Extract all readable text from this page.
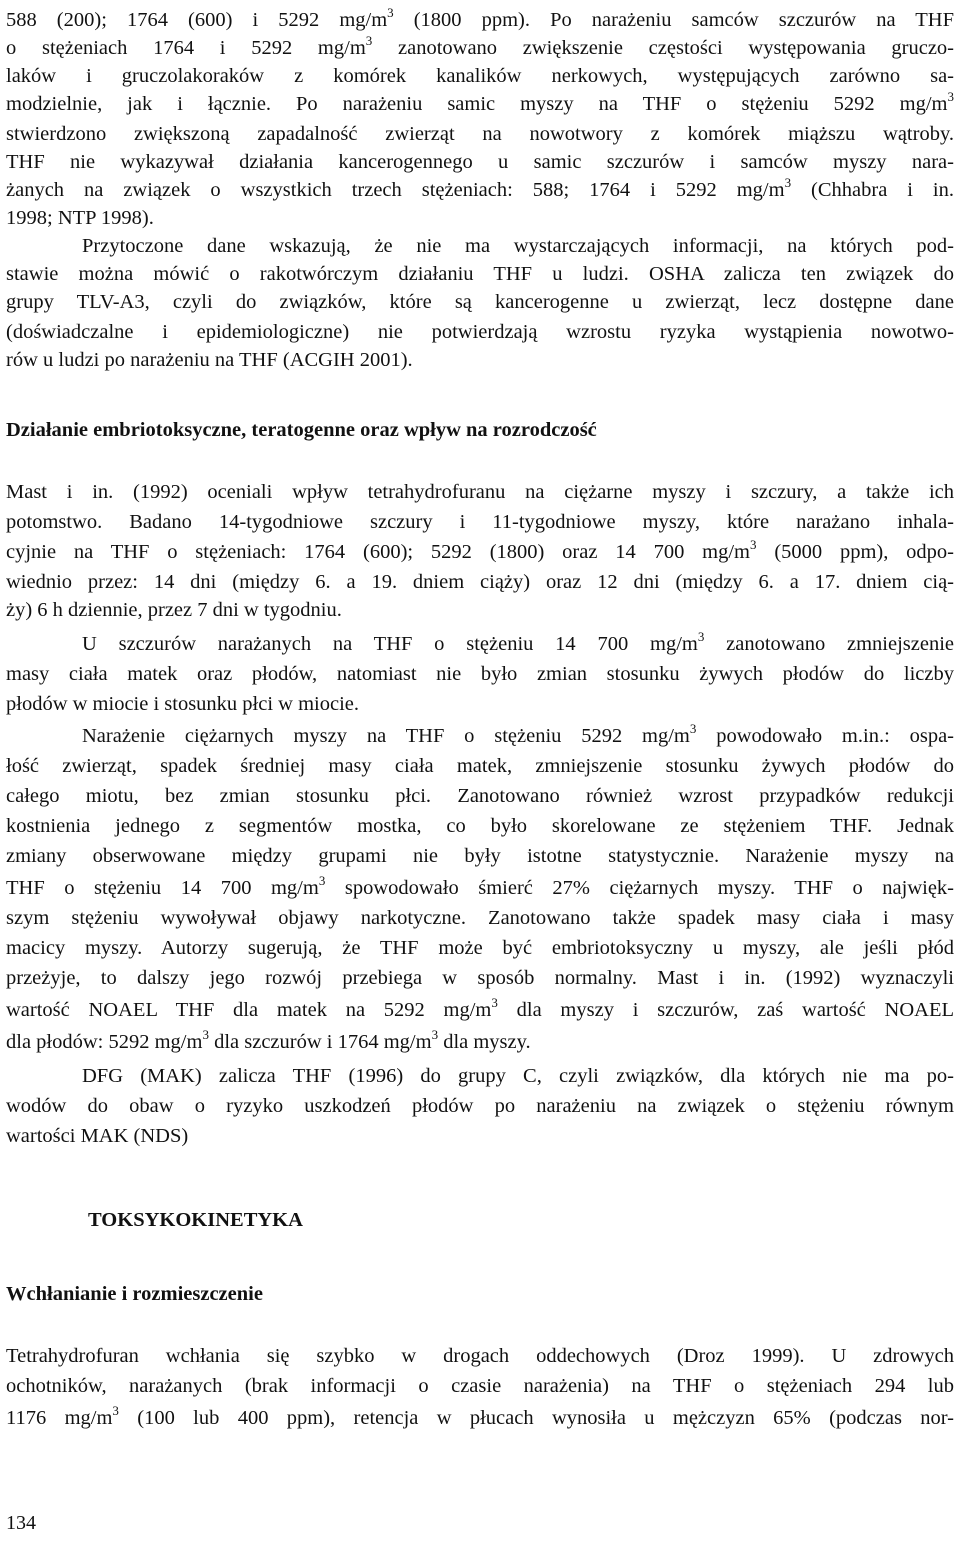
588 (200); 1764 (600) i 5292 $mg/m^3$ (1800 ppm). Po narażeniu samców szczurów na THF
o stężeniach 1764 i 5292 $mg/m^3$ zanotowano zwiększenie częstości występowania gruczo-
laków i gruczolakoraków z komórek kanalików nerkowych, występujących zarówno sa-
modzielnie, jak i łącznie. Po narażeniu samic myszy na THF o stężeniu 5292 $mg/m^3$
stwierdzono zwiększoną zapadalność zwierząt na nowotwory z komórek miąższu wątroby.
THF nie wykazywał działania kancerogennego u samic szczurów i samców myszy nara-
żanych na związek o wszystkich trzech stężeniach: 588; 1764 i 5292 $mg/m^3$ (Chhabra i in.
1998; NTP 1998).
Przytoczone dane wskazują, że nie ma wystarczających informacji, na których pod-
stawie można mówić o rakotwórczym działaniu THF u ludzi. OSHA zalicza ten związek do
grupy TLV-A3, czyli do związków, które są kancerogenne u zwierząt, lecz dostępne dane
(doświadczalne i epidemiologiczne) nie potwierdzają wzrostu ryzyka wystąpienia nowotwo-
rów u ludzi po narażeniu na THF (ACGIH 2001).
Działanie embriotoksyczne, teratogenne oraz wpływ na rozrodczość
Mast i in. (1992) oceniali wpływ tetrahydrofuranu na ciężarne myszy i szczury, a także ich
potomstwo. Badano 14-tygodniowe szczury i 11-tygodniowe myszy, które narażano inhala-
cyjnie na THF o stężeniach: 1764 (600); 5292 (1800) oraz 14 700 $mg/m^3$ (5000 ppm), odpo-
wiednio przez: 14 dni (między 6. a 19. dniem ciąży) oraz 12 dni (między 6. a 17. dniem cią-
ży) 6 h dziennie, przez 7 dni w tygodniu.
U szczurów narażanych na THF o stężeniu 14 700 $mg/m^3$ zanotowano zmniejszenie
masy ciała matek oraz płodów, natomiast nie było zmian stosunku żywych płodów do liczby
płodów w miocie i stosunku płci w miocie.
Narażenie ciężarnych myszy na THF o stężeniu 5292 $mg/m^3$ powodowało m.in.: ospa-
łość zwierząt, spadek średniej masy ciała matek, zmniejszenie stosunku żywych płodów do
całego miotu, bez zmian stosunku płci. Zanotowano również wzrost przypadków redukcji
kostnienia jednego z segmentów mostka, co było skorelowane ze stężeniem THF. Jednak
zmiany obserwowane między grupami nie były istotne statystycznie. Narażenie myszy na
THF o stężeniu 14 700 $mg/m^3$ spowodowało śmierć 27% ciężarnych myszy. THF o najwięk-
szym stężeniu wywoływał objawy narkotyczne. Zanotowano także spadek masy ciała i masy
macicy myszy. Autorzy sugerują, że THF może być embriotoksyczny u myszy, ale jeśli płód
przeżyje, to dalszy jego rozwój przebiega w sposób normalny. Mast i in. (1992) wyznaczyli
wartość NOAEL THF dla matek na 5292 $mg/m^3$ dla myszy i szczurów, zaś wartość NOAEL
dla płodów: 5292 $mg/m^3$ dla szczurów i 1764 $mg/m^3$ dla myszy.
DFG (MAK) zalicza THF (1996) do grupy C, czyli związków, dla których nie ma po-
wodów do obaw o ryzyko uszkodzeń płodów po narażeniu na związek o stężeniu równym
wartości MAK (NDS)
TOKSYKOKINETYKA
Wchłanianie i rozmieszczenie
Tetrahydrofuran wchłania się szybko w drogach oddechowych (Droz 1999). U zdrowych
ochotników, narażanych (brak informacji o czasie narażenia) na THF o stężeniach 294 lub
1176 $mg/m^3$ (100 lub 400 ppm), retencja w płucach wynosiła u mężczyzn 65% (podczas nor-
134
